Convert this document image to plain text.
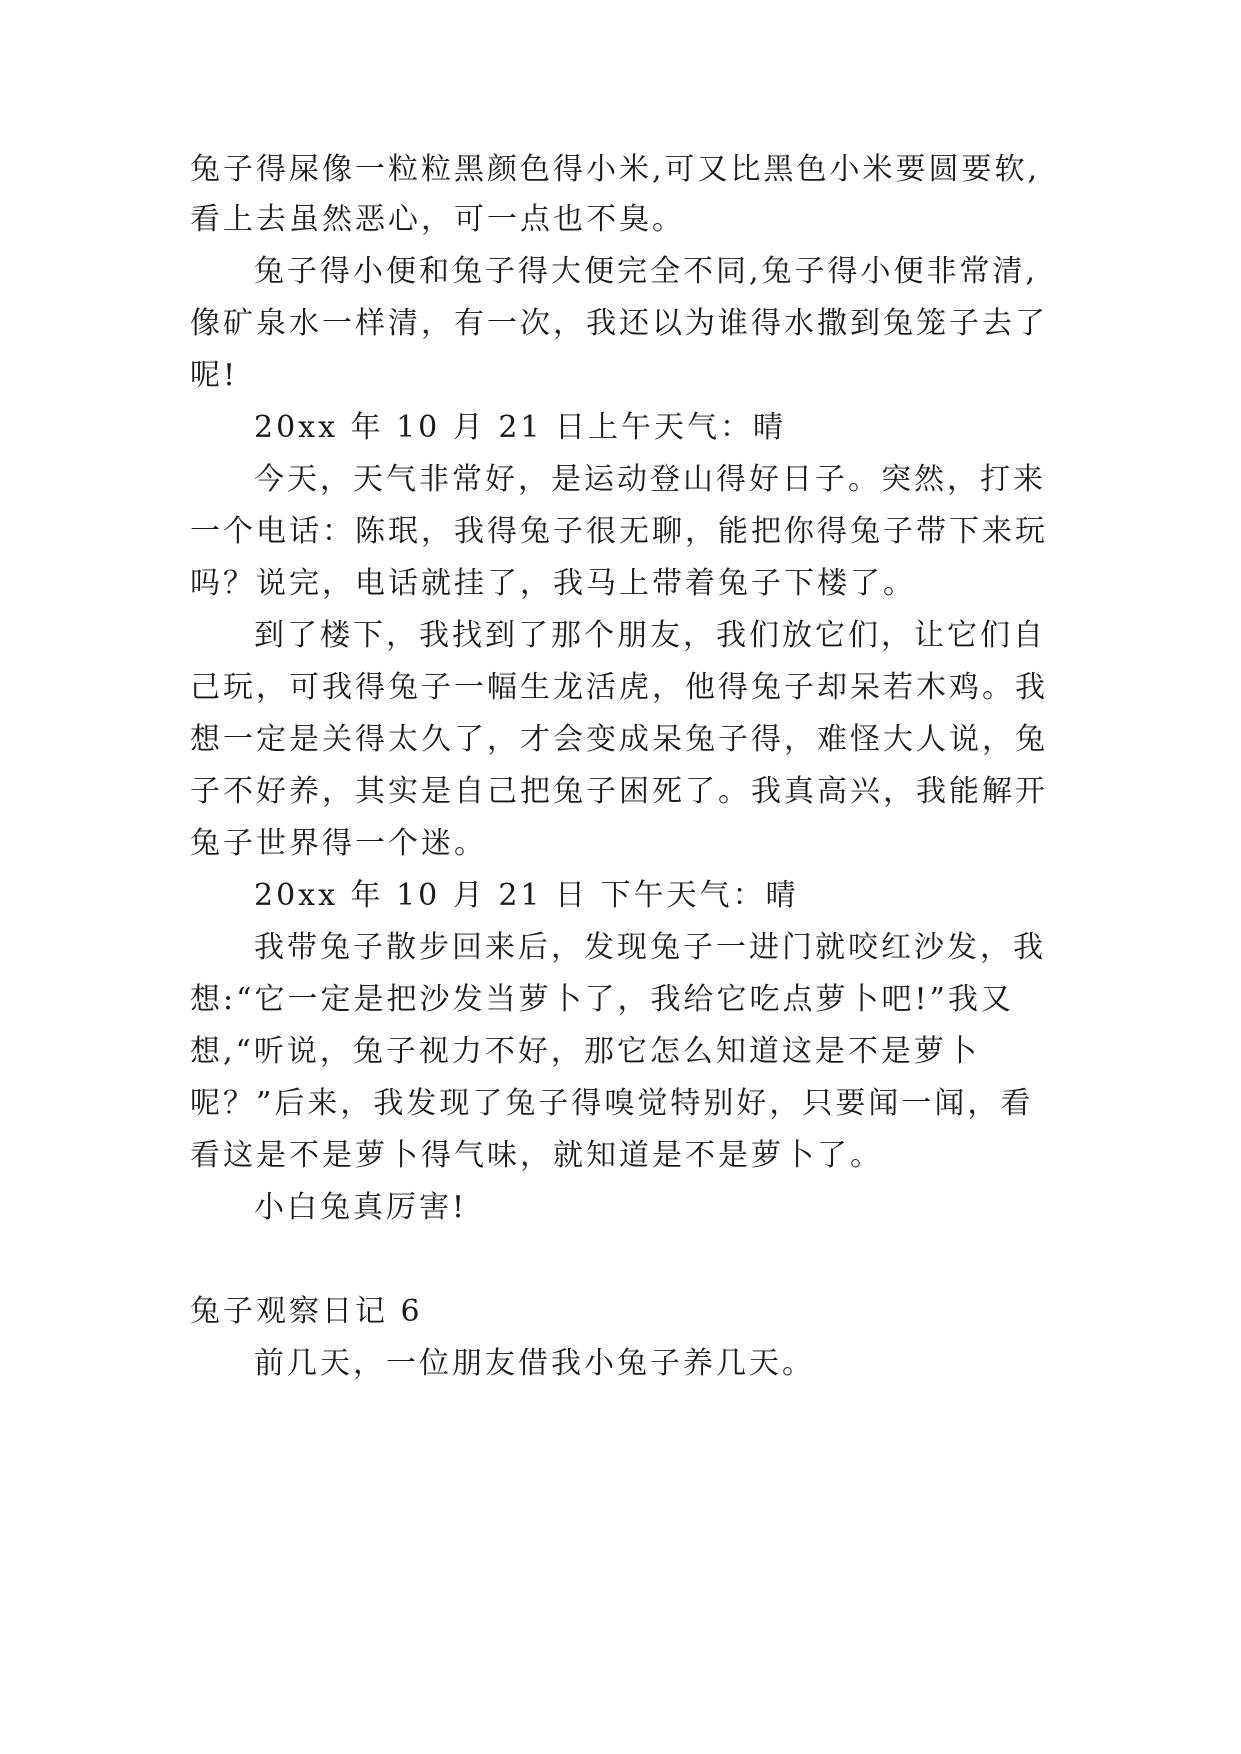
兔子得屎像一粒粒黑颜色得小米,可又比黑色小米要圆要软,
看上去虽然恶心，可一点也不臭。
兔子得小便和兔子得大便完全不同,兔子得小便非常清,
像矿泉水一样清，有一次，我还以为谁得水撒到兔笼子去了
呢!
20xx 年 10 月 21 日上午天气：晴
今天，天气非常好，是运动登山得好日子。突然，打来
一个电话：陈珉，我得兔子很无聊，能把你得兔子带下来玩
吗？说完，电话就挂了，我马上带着兔子下楼了。
到了楼下，我找到了那个朋友，我们放它们，让它们自
己玩，可我得兔子一幅生龙活虎，他得兔子却呆若木鸡。我
想一定是关得太久了，才会变成呆兔子得，难怪大人说，兔
子不好养，其实是自己把兔子困死了。我真高兴，我能解开
兔子世界得一个迷。
20xx 年 10 月 21 日 下午天气：晴
我带兔子散步回来后，发现兔子一进门就咬红沙发，我
想:“它一定是把沙发当萝卜了，我给它吃点萝卜吧!”我又
想,“听说，兔子视力不好，那它怎么知道这是不是萝卜
呢？”后来，我发现了兔子得嗅觉特别好，只要闻一闻，看
看这是不是萝卜得气味，就知道是不是萝卜了。
小白兔真厉害!
兔子观察日记 6
前几天，一位朋友借我小兔子养几天。
